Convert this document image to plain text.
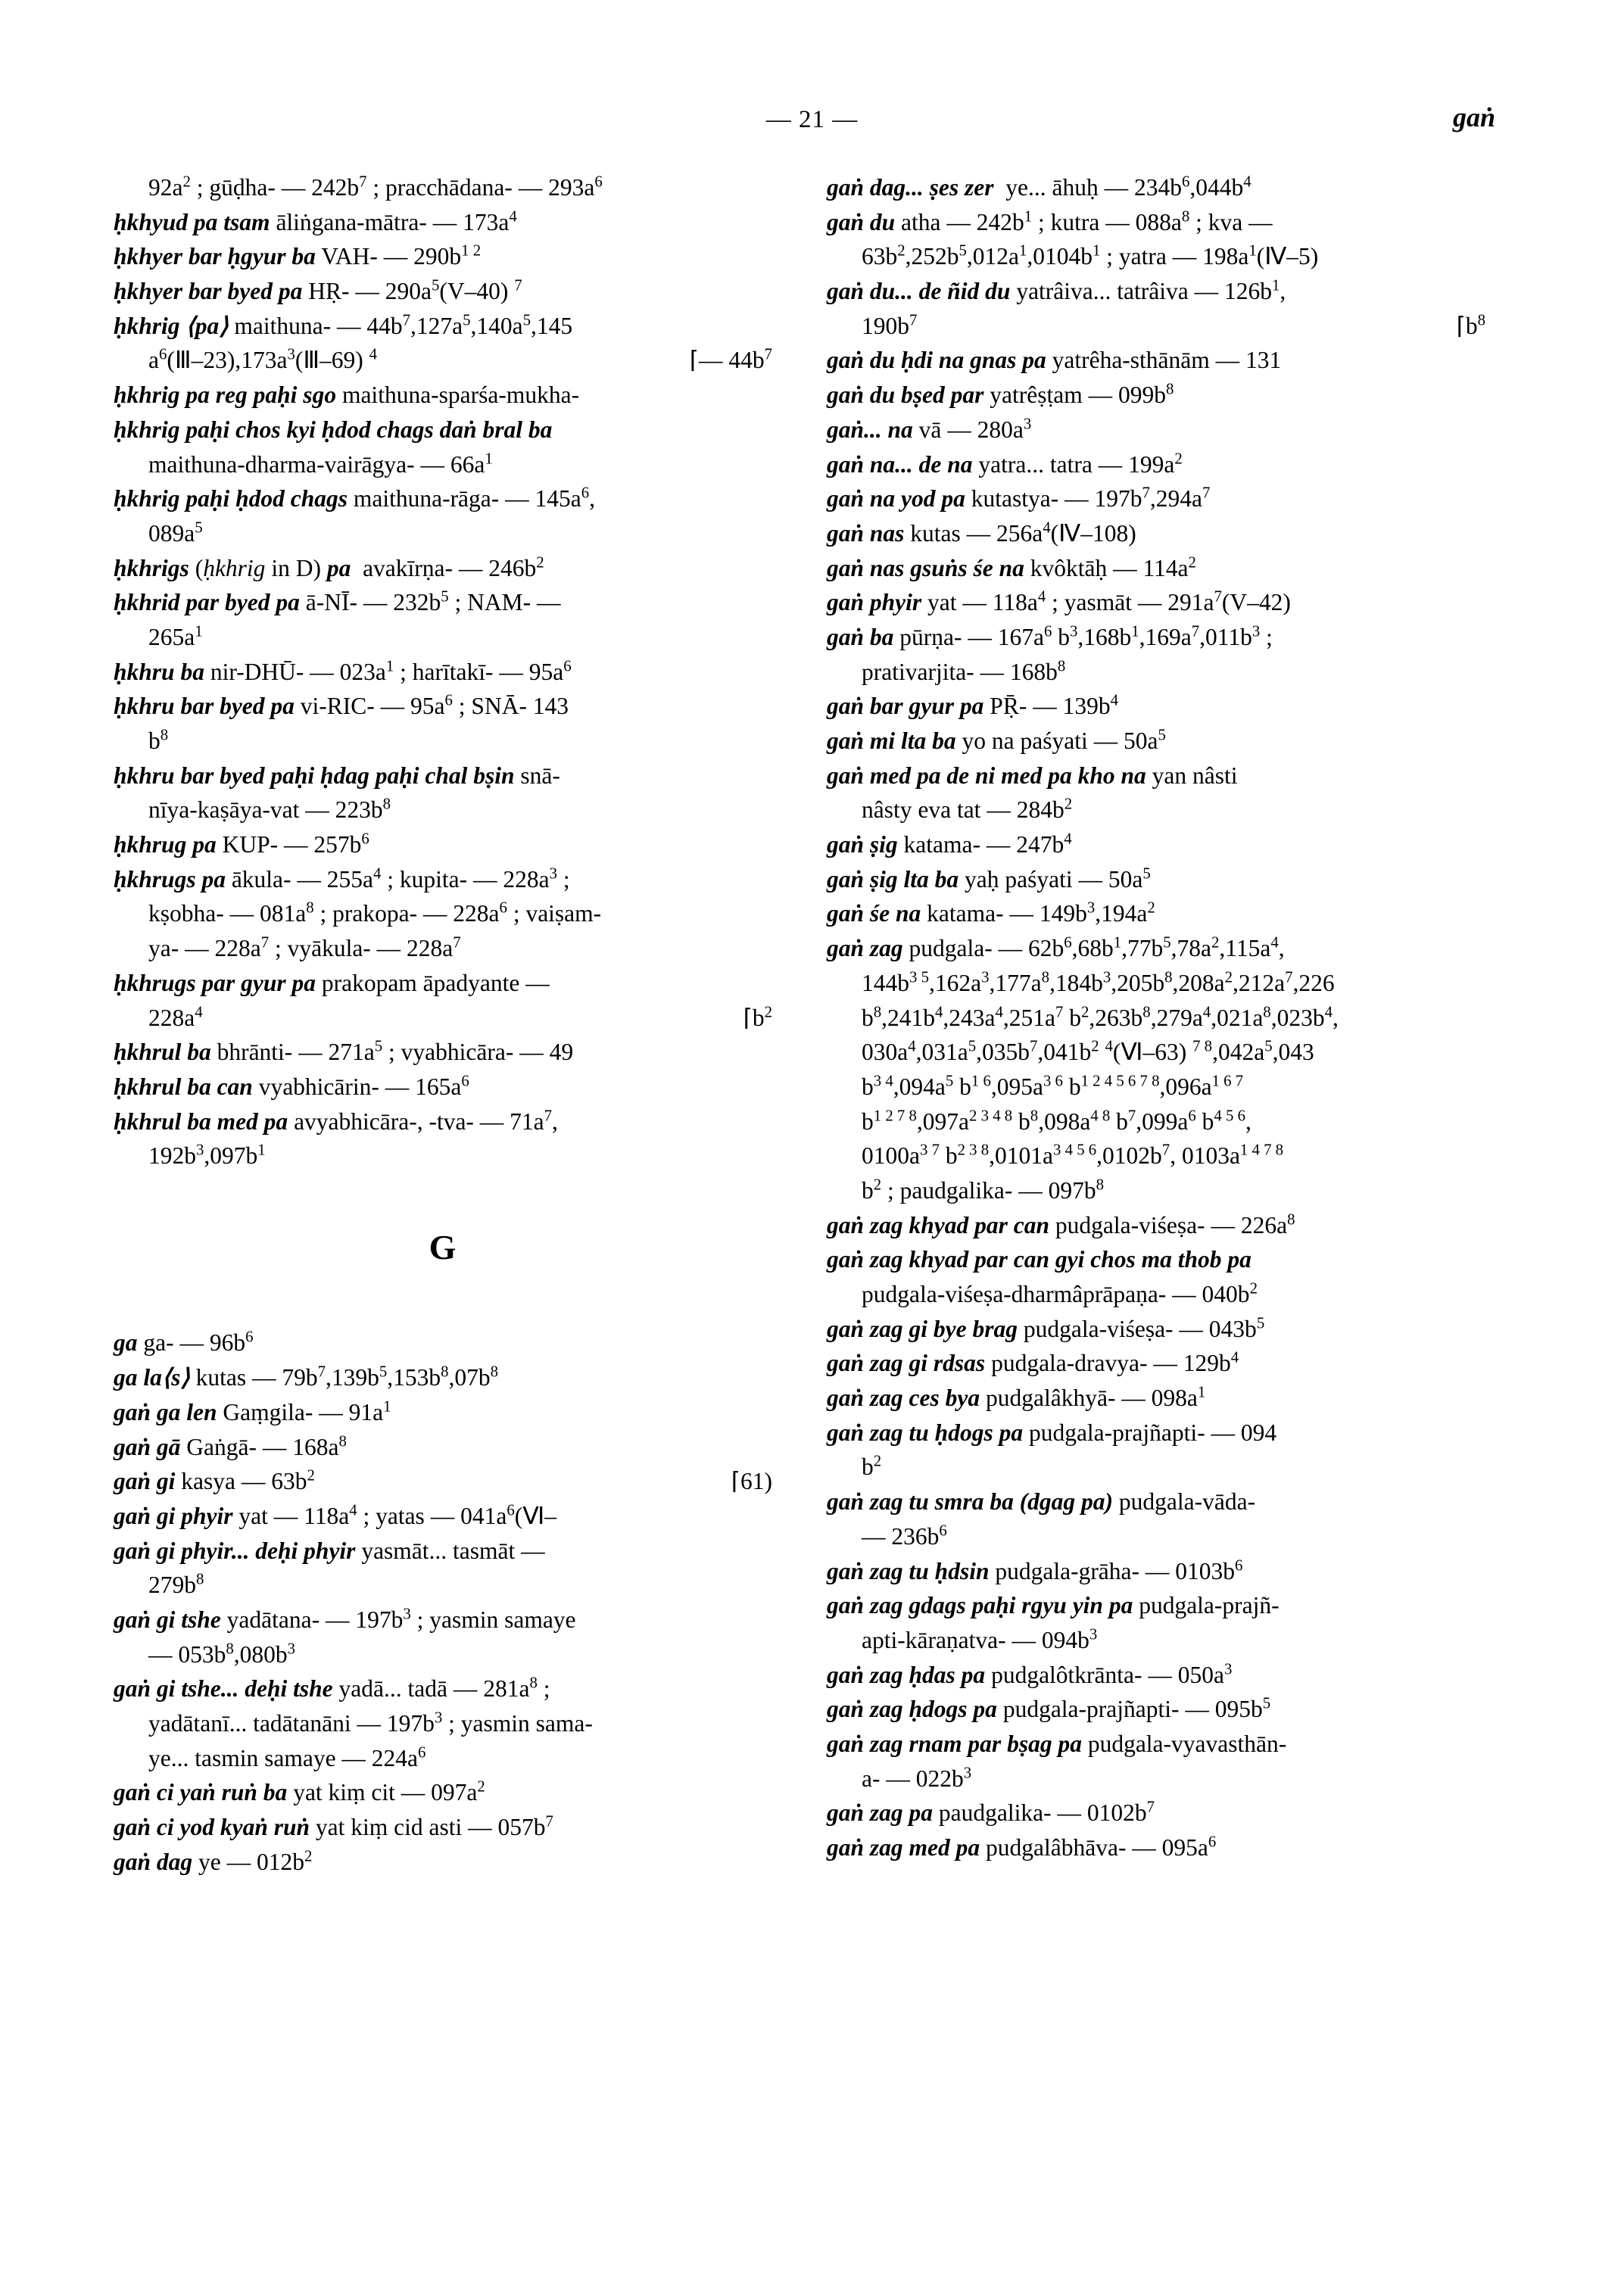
— 21 —	gaṅ
$92a^2$ ; gūḍha- — $242b^7$ ; pracchādana- — $293a^6$
ḥkhyud pa tsam āliṅgana-mātra- — $173a^4$
ḥkhyer bar ḥgyur ba VAH- — $290b^{1 2}$
ḥkhyer bar byed pa HṚ- — $290a^5(V-40)$ $^7$
ḥkhrig ⟨pa⟩ maithuna- — $44b^7,127a^5,140a^5,145$
⌈— $44b^7$
$a^6(Ⅲ-23),173a^3(Ⅲ-69)$ $^4$
ḥkhrig pa reg paḥi sgo maithuna-sparśa-mukha-
ḥkhrig paḥi chos kyi ḥdod chags daṅ bral ba
maithuna-dharma-vairāgya- — $66a^1$
ḥkhrig paḥi ḥdod chags maithuna-rāga- — $145a^6$,
$089a^5$
ḥkhrigs (ḥkhrig in D) pa  avakīrṇa- — $246b^2$
ḥkhrid par byed pa ā-NĪ- — $232b^5$ ; NAM- —
$265a^1$
ḥkhru ba nir-DHŪ- — $023a^1$ ; harītakī- — $95a^6$
ḥkhru bar byed pa vi-RIC- — $95a^6$ ; SNĀ- 143
$b^8$
ḥkhru bar byed paḥi ḥdag paḥi chal bṣin snā-
nīya-kaṣāya-vat — $223b^8$
ḥkhrug pa KUP- — $257b^6$
ḥkhrugs pa ākula- — $255a^4$ ; kupita- — $228a^3$ ;
kṣobha- — $081a^8$ ; prakopa- — $228a^6$ ; vaiṣam-
ya- — $228a^7$ ; vyākula- — $228a^7$
ḥkhrugs par gyur pa prakopam āpadyante —
$⌈b^2$
$228a^4$
ḥkhrul ba bhrānti- — $271a^5$ ; vyabhicāra- — 49
ḥkhrul ba can vyabhicārin- — $165a^6$
ḥkhrul ba med pa avyabhicāra-, -tva- — $71a^7$,
$192b^3,097b^1$
G
ga ga- — $96b^6$
ga la⟨s⟩ kutas — $79b^7,139b^5,153b^8,07b^8$
gaṅ ga len Gaṃgila- — $91a^1$
gaṅ gā Gaṅgā- — $168a^8$
⌈61)
gaṅ gi kasya — $63b^2$
gaṅ gi phyir yat — $118a^4$ ; yatas — $041a^6(Ⅵ-$
gaṅ gi phyir... deḥi phyir yasmāt... tasmāt —
$279b^8$
gaṅ gi tshe yadātana- — $197b^3$ ; yasmin samaye
— $053b^8,080b^3$
gaṅ gi tshe... deḥi tshe yadā... tadā — $281a^8$ ;
yadātanī... tadātanāni — $197b^3$ ; yasmin sama-
ye... tasmin samaye — $224a^6$
gaṅ ci yaṅ ruṅ ba yat kiṃ cit — $097a^2$
gaṅ ci yod kyaṅ ruṅ yat kiṃ cid asti — $057b^7$
gaṅ dag ye — $012b^2$
gaṅ dag... ṣes zer  ye... āhuḥ — $234b^6,044b^4$
gaṅ du atha — $242b^1$ ; kutra — $088a^8$ ; kva —
$63b^2,252b^5,012a^1,0104b^1$ ; yatra — $198a^1(Ⅳ-5)$
gaṅ du... de ñid du yatrâiva... tatrâiva — $126b^1$,
$⌈b^8$
$190b^7$
gaṅ du ḥdi na gnas pa yatrêha-sthānām — 131
gaṅ du bṣed par yatrêṣṭam — $099b^8$
gaṅ... na vā — $280a^3$
gaṅ na... de na yatra... tatra — $199a^2$
gaṅ na yod pa kutastya- — $197b^7,294a^7$
gaṅ nas kutas — $256a^4(Ⅳ-108)$
gaṅ nas gsuṅs śe na kvôktāḥ — $114a^2$
gaṅ phyir yat — $118a^4$ ; yasmāt — $291a^7(V-42)$
gaṅ ba pūrṇa- — $167a^6$ $b^3,168b^1,169a^7,011b^3$ ;
prativarjita- — $168b^8$
gaṅ bar gyur pa PṜ- — $139b^4$
gaṅ mi lta ba yo na paśyati — $50a^5$
gaṅ med pa de ni med pa kho na yan nâsti
nâsty eva tat — $284b^2$
gaṅ ṣig katama- — $247b^4$
gaṅ ṣig lta ba yaḥ paśyati — $50a^5$
gaṅ śe na katama- — $149b^3,194a^2$
gaṅ zag pudgala- — $62b^6,68b^1,77b^5,78a^2,115a^4$,
$144b^{3 5},162a^3,177a^8,184b^3,205b^8,208a^2,212a^7,226$
$b^8,241b^4,243a^4,251a^7$ $b^2,263b^8,279a^4,021a^8,023b^4$,
$030a^4,031a^5,035b^7,041b^2$ $^4$(Ⅵ–63) $^{7 8},042a^5,043$
$b^{3 4},094a^5$ $b^{1 6},095a^{3 6}$ $b^{1 2 4 5 6 7 8},096a^{1 6 7}$
$b^{1 2 7 8},097a^{2 3 4 8}$ $b^8,098a^{4 8}$ $b^7,099a^6$ $b^{4 5 6}$,
$0100a^{3 7}$ $b^{2 3 8},0101a^{3 4 5 6},0102b^7$, $0103a^{1 4 7 8}$
$b^2$ ; paudgalika- — $097b^8$
gaṅ zag khyad par can pudgala-viśeṣa- — $226a^8$
gaṅ zag khyad par can gyi chos ma thob pa
pudgala-viśeṣa-dharmâprāpaṇa- — $040b^2$
gaṅ zag gi bye brag pudgala-viśeṣa- — $043b^5$
gaṅ zag gi rdsas pudgala-dravya- — $129b^4$
gaṅ zag ces bya pudgalâkhyā- — $098a^1$
gaṅ zag tu ḥdogs pa pudgala-prajñapti- — 094
$b^2$
gaṅ zag tu smra ba (dgag pa) pudgala-vāda-
— $236b^6$
gaṅ zag tu ḥdsin pudgala-grāha- — $0103b^6$
gaṅ zag gdags paḥi rgyu yin pa pudgala-prajñ-
apti-kāraṇatva- — $094b^3$
gaṅ zag ḥdas pa pudgalôtkrānta- — $050a^3$
gaṅ zag ḥdogs pa pudgala-prajñapti- — $095b^5$
gaṅ zag rnam par bṣag pa pudgala-vyavasthān-
a- — $022b^3$
gaṅ zag pa paudgalika- — $0102b^7$
gaṅ zag med pa pudgalâbhāva- — $095a^6$
